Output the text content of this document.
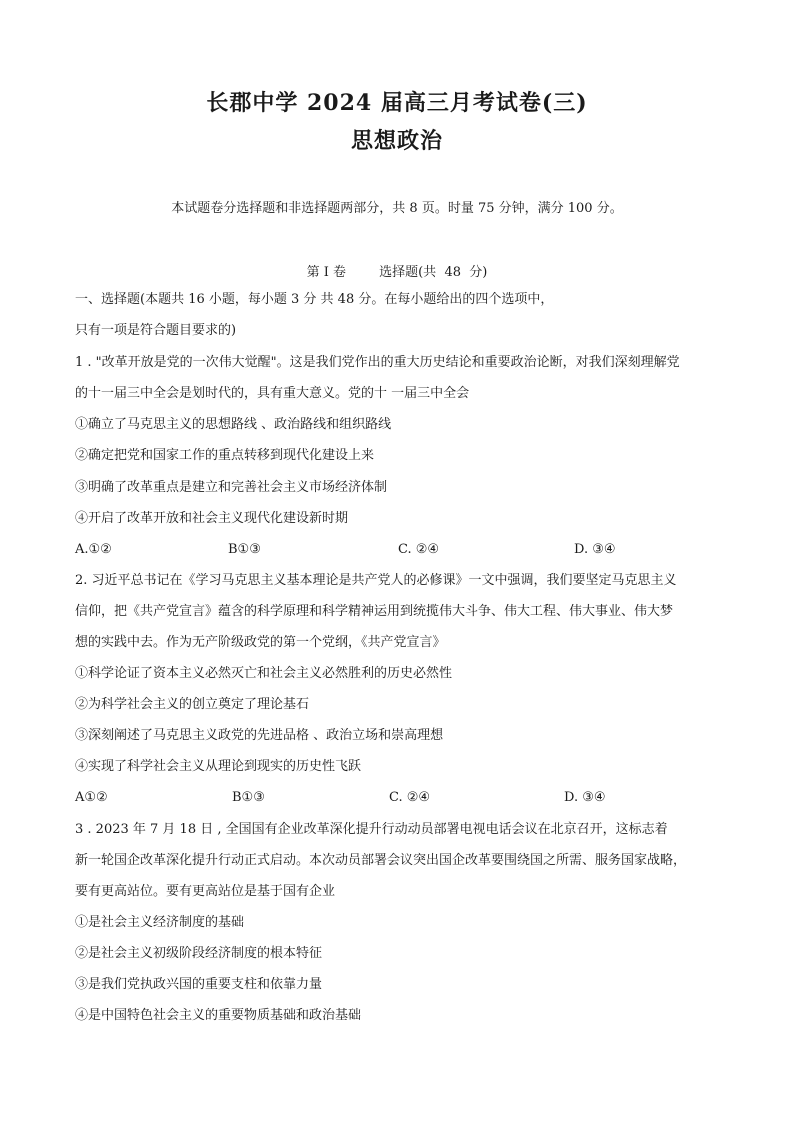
长郡中学 2024 届高三月考试卷(三)
思想政治
本试题卷分选择题和非选择题两部分，共 8 页。时量 75 分钟，满分 100 分。
第 I 卷        选择题(共  48  分)
一、选择题(本题共 16 小题，每小题 3 分 共 48 分。在每小题给出的四个选项中，
只有一项是符合题目要求的)
1 . "改革开放是党的一次伟大觉醒"。这是我们党作出的重大历史结论和重要政治论断，对我们深刻理解党
的十一届三中全会是划时代的，具有重大意义。党的十 一届三中全会
①确立了马克思主义的思想路线 、政治路线和组织路线
②确定把党和国家工作的重点转移到现代化建设上来
③明确了改革重点是建立和完善社会主义市场经济体制
④开启了改革开放和社会主义现代化建设新时期
A.①②	B①③	C. ②④	D. ③④
2. 习近平总书记在《学习马克思主义基本理论是共产党人的必修课》一文中强调，我们要坚定马克思主义
信仰，把《共产党宣言》蕴含的科学原理和科学精神运用到统揽伟大斗争、伟大工程、伟大事业、伟大梦
想的实践中去。作为无产阶级政党的第一个党纲，《共产党宣言》
①科学论证了资本主义必然灭亡和社会主义必然胜利的历史必然性
②为科学社会主义的创立奠定了理论基石
③深刻阐述了马克思主义政党的先进品格 、政治立场和崇高理想
④实现了科学社会主义从理论到现实的历史性飞跃
A①②	B①③	C. ②④	D. ③④
3 . 2023 年 7 月 18 日 , 全国国有企业改革深化提升行动动员部署电视电话会议在北京召开，这标志着
新一轮国企改革深化提升行动正式启动。本次动员部署会议突出国企改革要围绕国之所需、服务国家战略，
要有更高站位。要有更高站位是基于国有企业
①是社会主义经济制度的基础
②是社会主义初级阶段经济制度的根本特征
③是我们党执政兴国的重要支柱和依靠力量
④是中国特色社会主义的重要物质基础和政治基础
